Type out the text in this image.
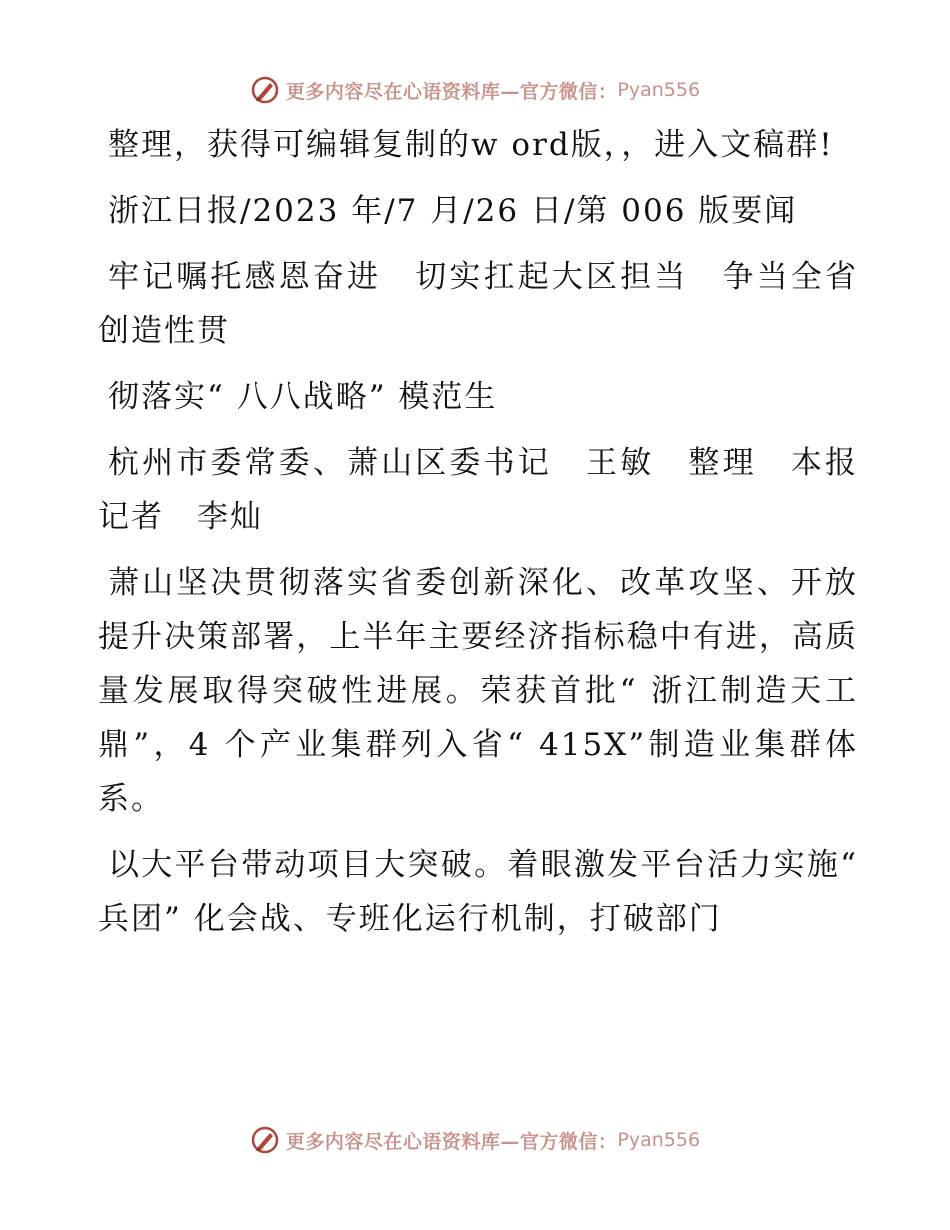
更多内容尽在心语资料库—官方微信： Pyan556

整理，获得可编辑复制的w ord版，，进入文稿群!

浙江日报/2023 年/7 月/26 日/第 006 版要闻

牢记嘱托感恩奋进　切实扛起大区担当　争当全省创造性贯

彻落实“ 八八战略” 模范生

杭州市委常委、萧山区委书记　王敏　整理　本报记者　李灿

萧山坚决贯彻落实省委创新深化、改革攻坚、开放提升决策部署，上半年主要经济指标稳中有进，高质量发展取得突破性进展。荣获首批“ 浙江制造天工鼎”，4 个产业集群列入省“ 415X”制造业集群体系。

以大平台带动项目大突破。着眼激发平台活力实施“ 兵团” 化会战、专班化运行机制，打破部门

更多内容尽在心语资料库—官方微信： Pyan556
